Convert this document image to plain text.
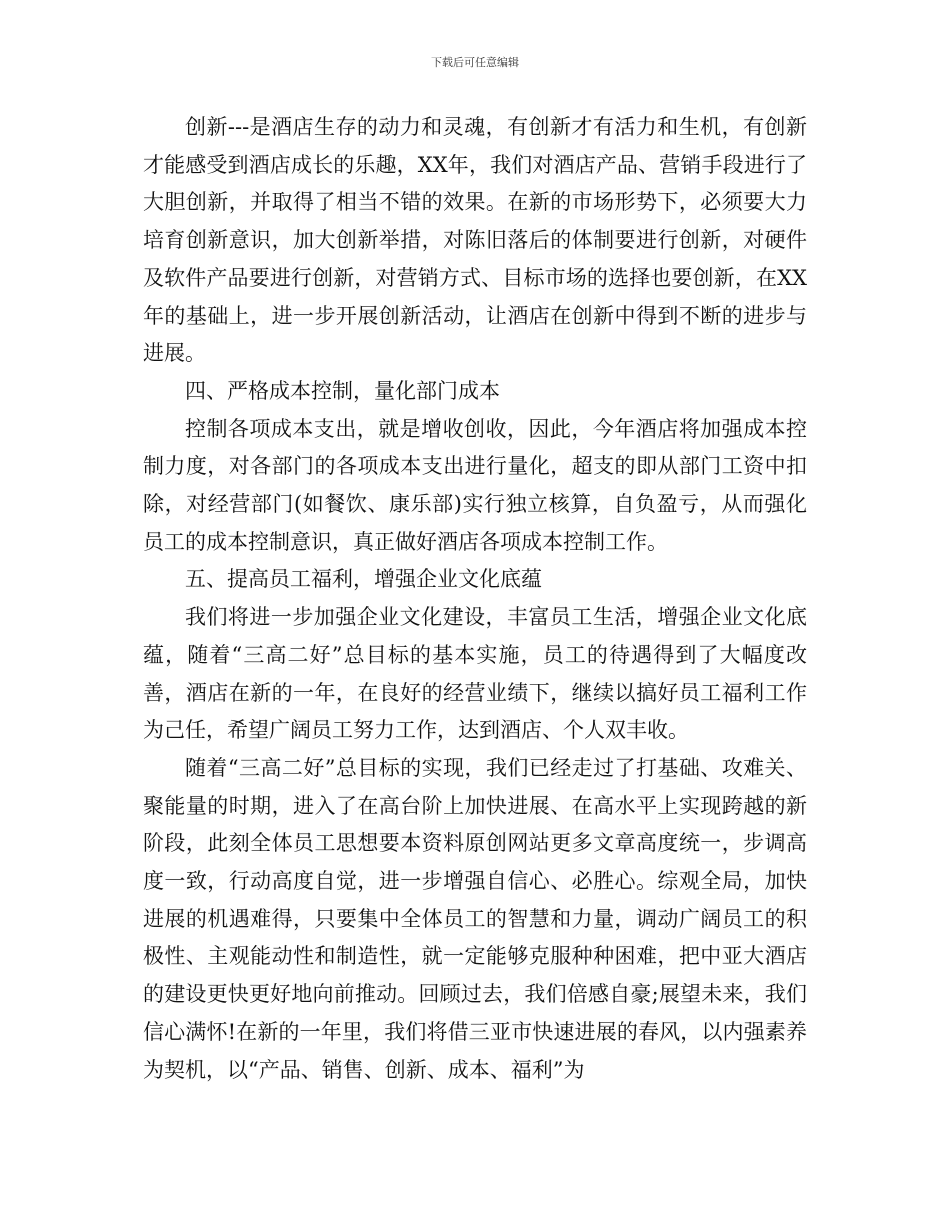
下载后可任意编辑

创新---是酒店生存的动力和灵魂，有创新才有活力和生机，有创新才能感受到酒店成长的乐趣，XX年，我们对酒店产品、营销手段进行了大胆创新，并取得了相当不错的效果。在新的市场形势下，必须要大力培育创新意识，加大创新举措，对陈旧落后的体制要进行创新，对硬件及软件产品要进行创新，对营销方式、目标市场的选择也要创新，在XX年的基础上，进一步开展创新活动，让酒店在创新中得到不断的进步与进展。

四、严格成本控制，量化部门成本

控制各项成本支出，就是增收创收，因此，今年酒店将加强成本控制力度，对各部门的各项成本支出进行量化，超支的即从部门工资中扣除，对经营部门(如餐饮、康乐部)实行独立核算，自负盈亏，从而强化员工的成本控制意识，真正做好酒店各项成本控制工作。

五、提高员工福利，增强企业文化底蕴

我们将进一步加强企业文化建设，丰富员工生活，增强企业文化底蕴，随着“三高二好”总目标的基本实施，员工的待遇得到了大幅度改善，酒店在新的一年，在良好的经营业绩下，继续以搞好员工福利工作为己任，希望广阔员工努力工作，达到酒店、个人双丰收。

随着“三高二好”总目标的实现，我们已经走过了打基础、攻难关、聚能量的时期，进入了在高台阶上加快进展、在高水平上实现跨越的新阶段，此刻全体员工思想要本资料原创网站更多文章高度统一，步调高度一致，行动高度自觉，进一步增强自信心、必胜心。综观全局，加快进展的机遇难得，只要集中全体员工的智慧和力量，调动广阔员工的积极性、主观能动性和制造性，就一定能够克服种种困难，把中亚大酒店的建设更快更好地向前推动。回顾过去，我们倍感自豪;展望未来，我们信心满怀!在新的一年里，我们将借三亚市快速进展的春风，以内强素养为契机，以“产品、销售、创新、成本、福利”为
